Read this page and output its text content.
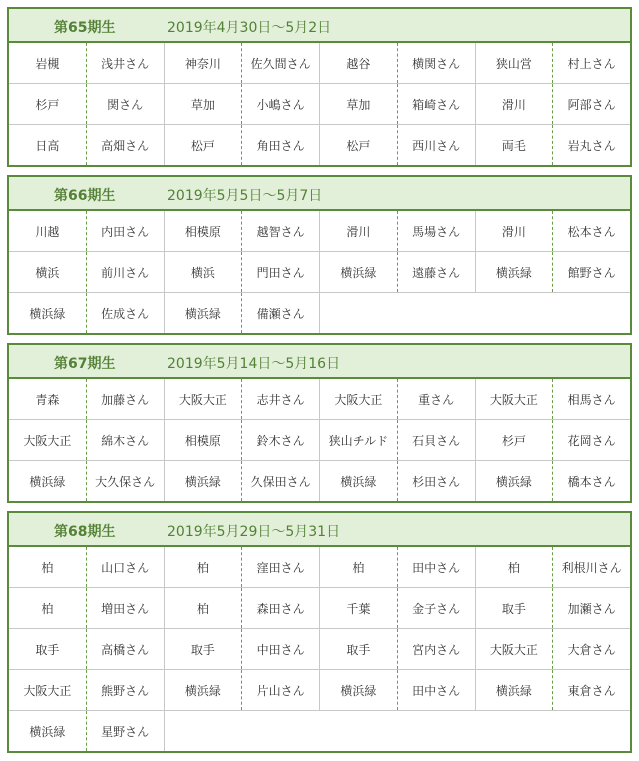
第65期生	2019年4月30日～5月2日
岩槻	浅井さん	神奈川	佐久間さん	越谷	横関さん	狭山営	村上さん
杉戸	関さん	草加	小嶋さん	草加	箱崎さん	滑川	阿部さん
日高	高畑さん	松戸	角田さん	松戸	西川さん	両毛	岩丸さん
第66期生	2019年5月5日～5月7日
川越	内田さん	相模原	越智さん	滑川	馬場さん	滑川	松本さん
横浜	前川さん	横浜	門田さん	横浜緑	遠藤さん	横浜緑	館野さん
横浜緑	佐成さん	横浜緑	備瀬さん
第67期生	2019年5月14日～5月16日
青森	加藤さん	大阪大正	志井さん	大阪大正	重さん	大阪大正	相馬さん
大阪大正	綿木さん	相模原	鈴木さん	狭山チルド	石貝さん	杉戸	花岡さん
横浜緑	大久保さん	横浜緑	久保田さん	横浜緑	杉田さん	横浜緑	橋本さん
第68期生	2019年5月29日～5月31日
柏	山口さん	柏	窪田さん	柏	田中さん	柏	利根川さん
柏	増田さん	柏	森田さん	千葉	金子さん	取手	加瀬さん
取手	高橋さん	取手	中田さん	取手	宮内さん	大阪大正	大倉さん
大阪大正	熊野さん	横浜緑	片山さん	横浜緑	田中さん	横浜緑	東倉さん
横浜緑	星野さん
